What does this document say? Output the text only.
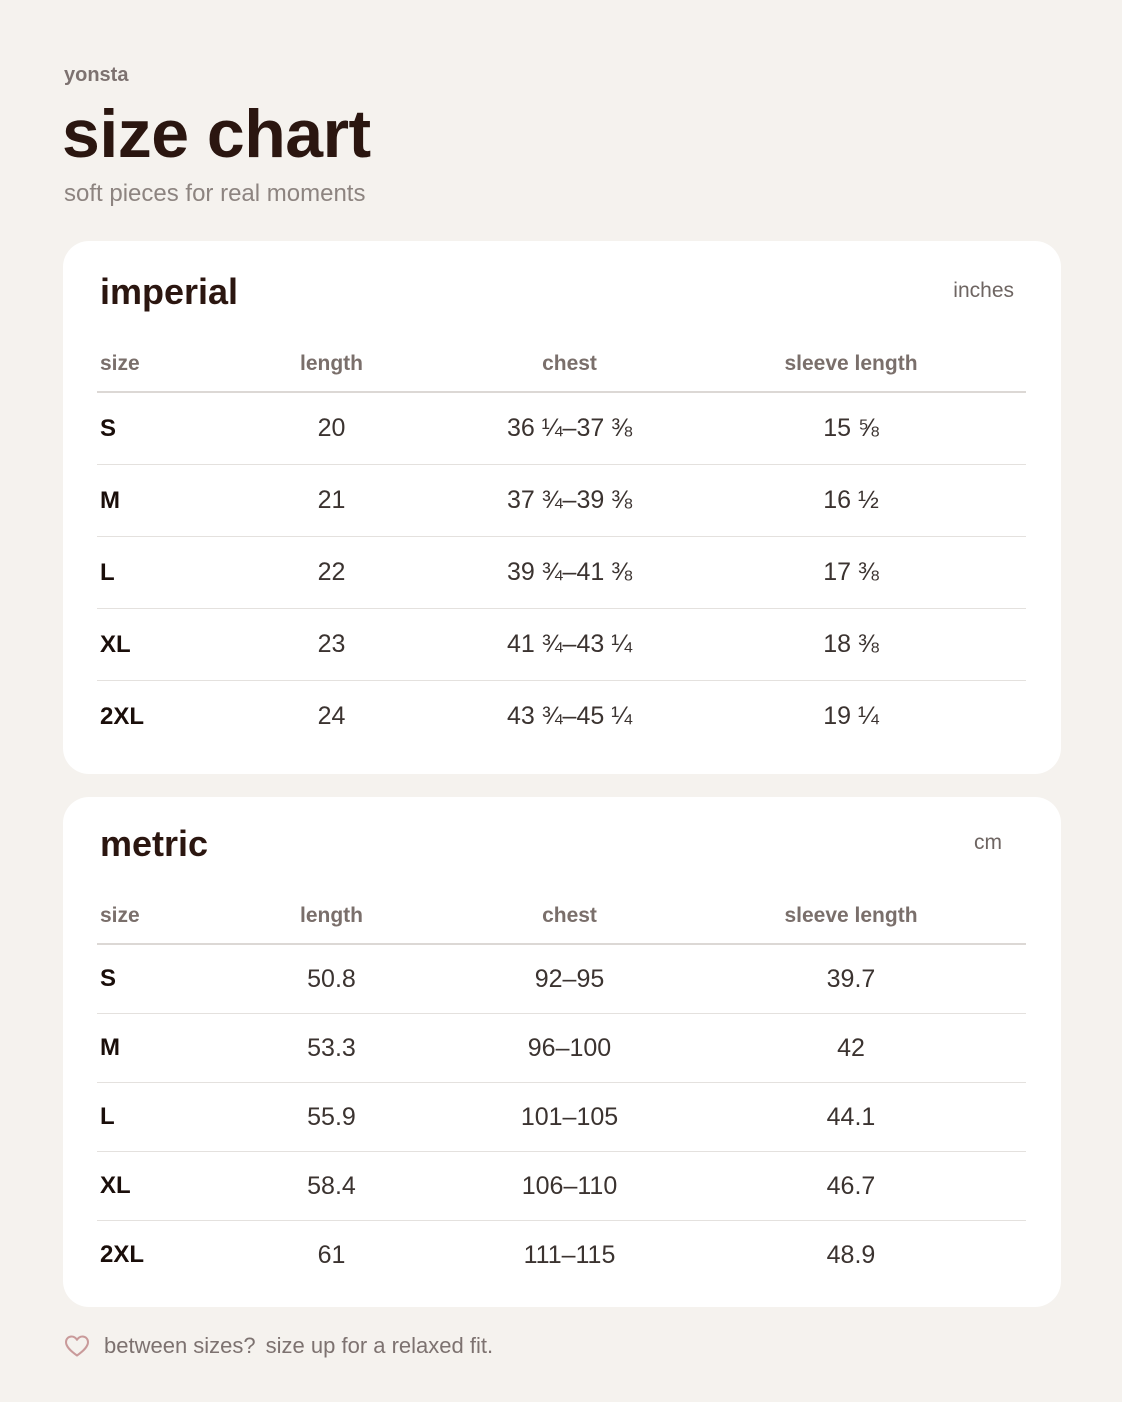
yonsta
size chart
soft pieces for real moments
imperial	inches
size	length	chest	sleeve length	
S	20	36 ¼–37 ⅜	15 ⅝	
M	21	37 ¾–39 ⅜	16 ½	
L	22	39 ¾–41 ⅜	17 ⅜	
XL	23	41 ¾–43 ¼	18 ⅜	
2XL	24	43 ¾–45 ¼	19 ¼	
metric	cm
size	length	chest	sleeve length	
S	50.8	92–95	39.7	
M	53.3	96–100	42	
L	55.9	101–105	44.1	
XL	58.4	106–110	46.7	
2XL	61	111–115	48.9	
between sizes? size up for a relaxed fit.
